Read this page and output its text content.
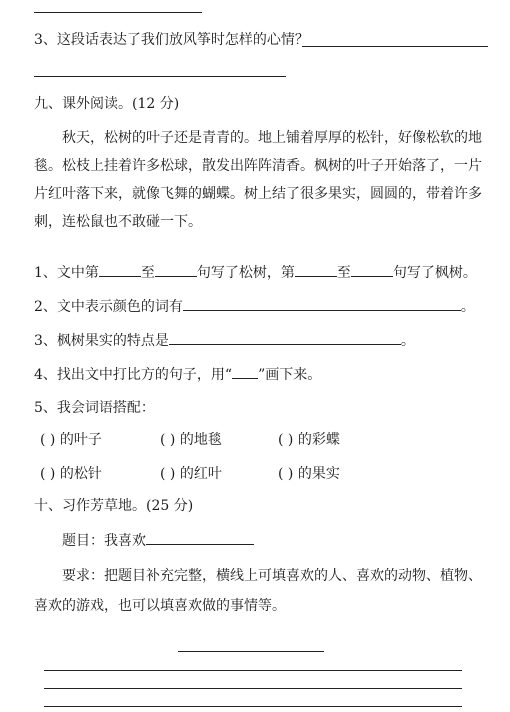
3、这段话表达了我们放风筝时怎样的心情？
九、课外阅读。(12 分)
秋天，松树的叶子还是青青的。地上铺着厚厚的松针，好像松软的地
毯。松枝上挂着许多松球，散发出阵阵清香。枫树的叶子开始落了，一片
片红叶落下来，就像飞舞的蝴蝶。树上结了很多果实，圆圆的，带着许多
刺，连松鼠也不敢碰一下。
1、文中第	至	句写了松树，第	至	句写了枫树。
2、文中表示颜色的词有	。
3、枫树果实的特点是	。
4、找出文中打比方的句子，用“ ”画下来。
5、我会词语搭配：
( ) 的叶子	( ) 的地毯	( ) 的彩蝶
( ) 的松针	( ) 的红叶	( ) 的果实
十、习作芳草地。(25 分)
题目：我喜欢
要求：把题目补充完整，横线上可填喜欢的人、喜欢的动物、植物、
喜欢的游戏，也可以填喜欢做的事情等。
